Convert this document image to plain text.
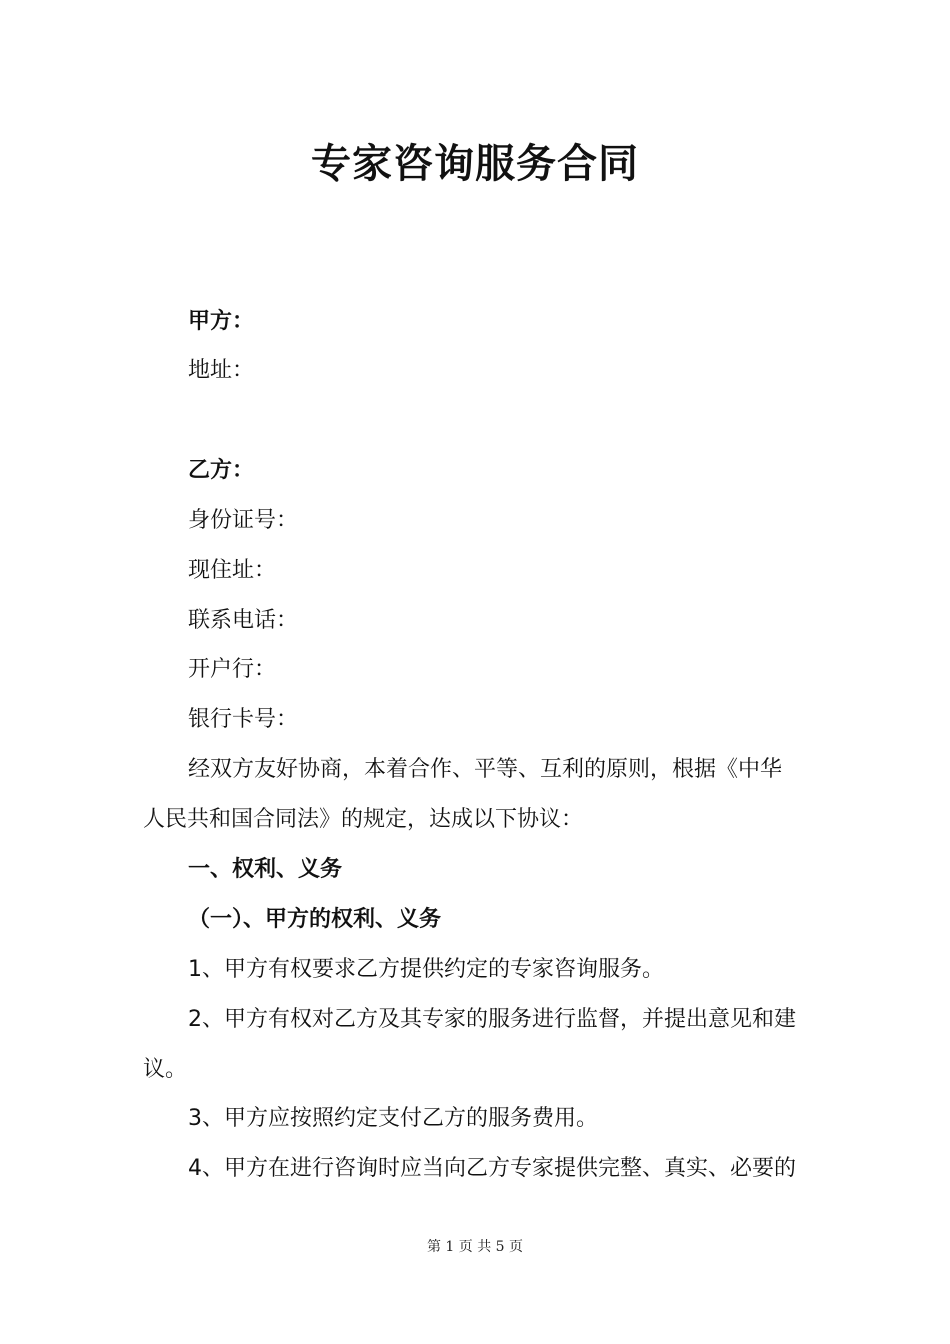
专家咨询服务合同
甲方：
地址：
乙方：
身份证号：
现住址：
联系电话：
开户行：
银行卡号：
经双方友好协商，本着合作、平等、互利的原则，根据《中华
人民共和国合同法》的规定，达成以下协议：
一、权利、义务
（一）、甲方的权利、义务
1、甲方有权要求乙方提供约定的专家咨询服务。
2、甲方有权对乙方及其专家的服务进行监督，并提出意见和建
议。
3、甲方应按照约定支付乙方的服务费用。
4、甲方在进行咨询时应当向乙方专家提供完整、真实、必要的
第 1 页 共 5 页
